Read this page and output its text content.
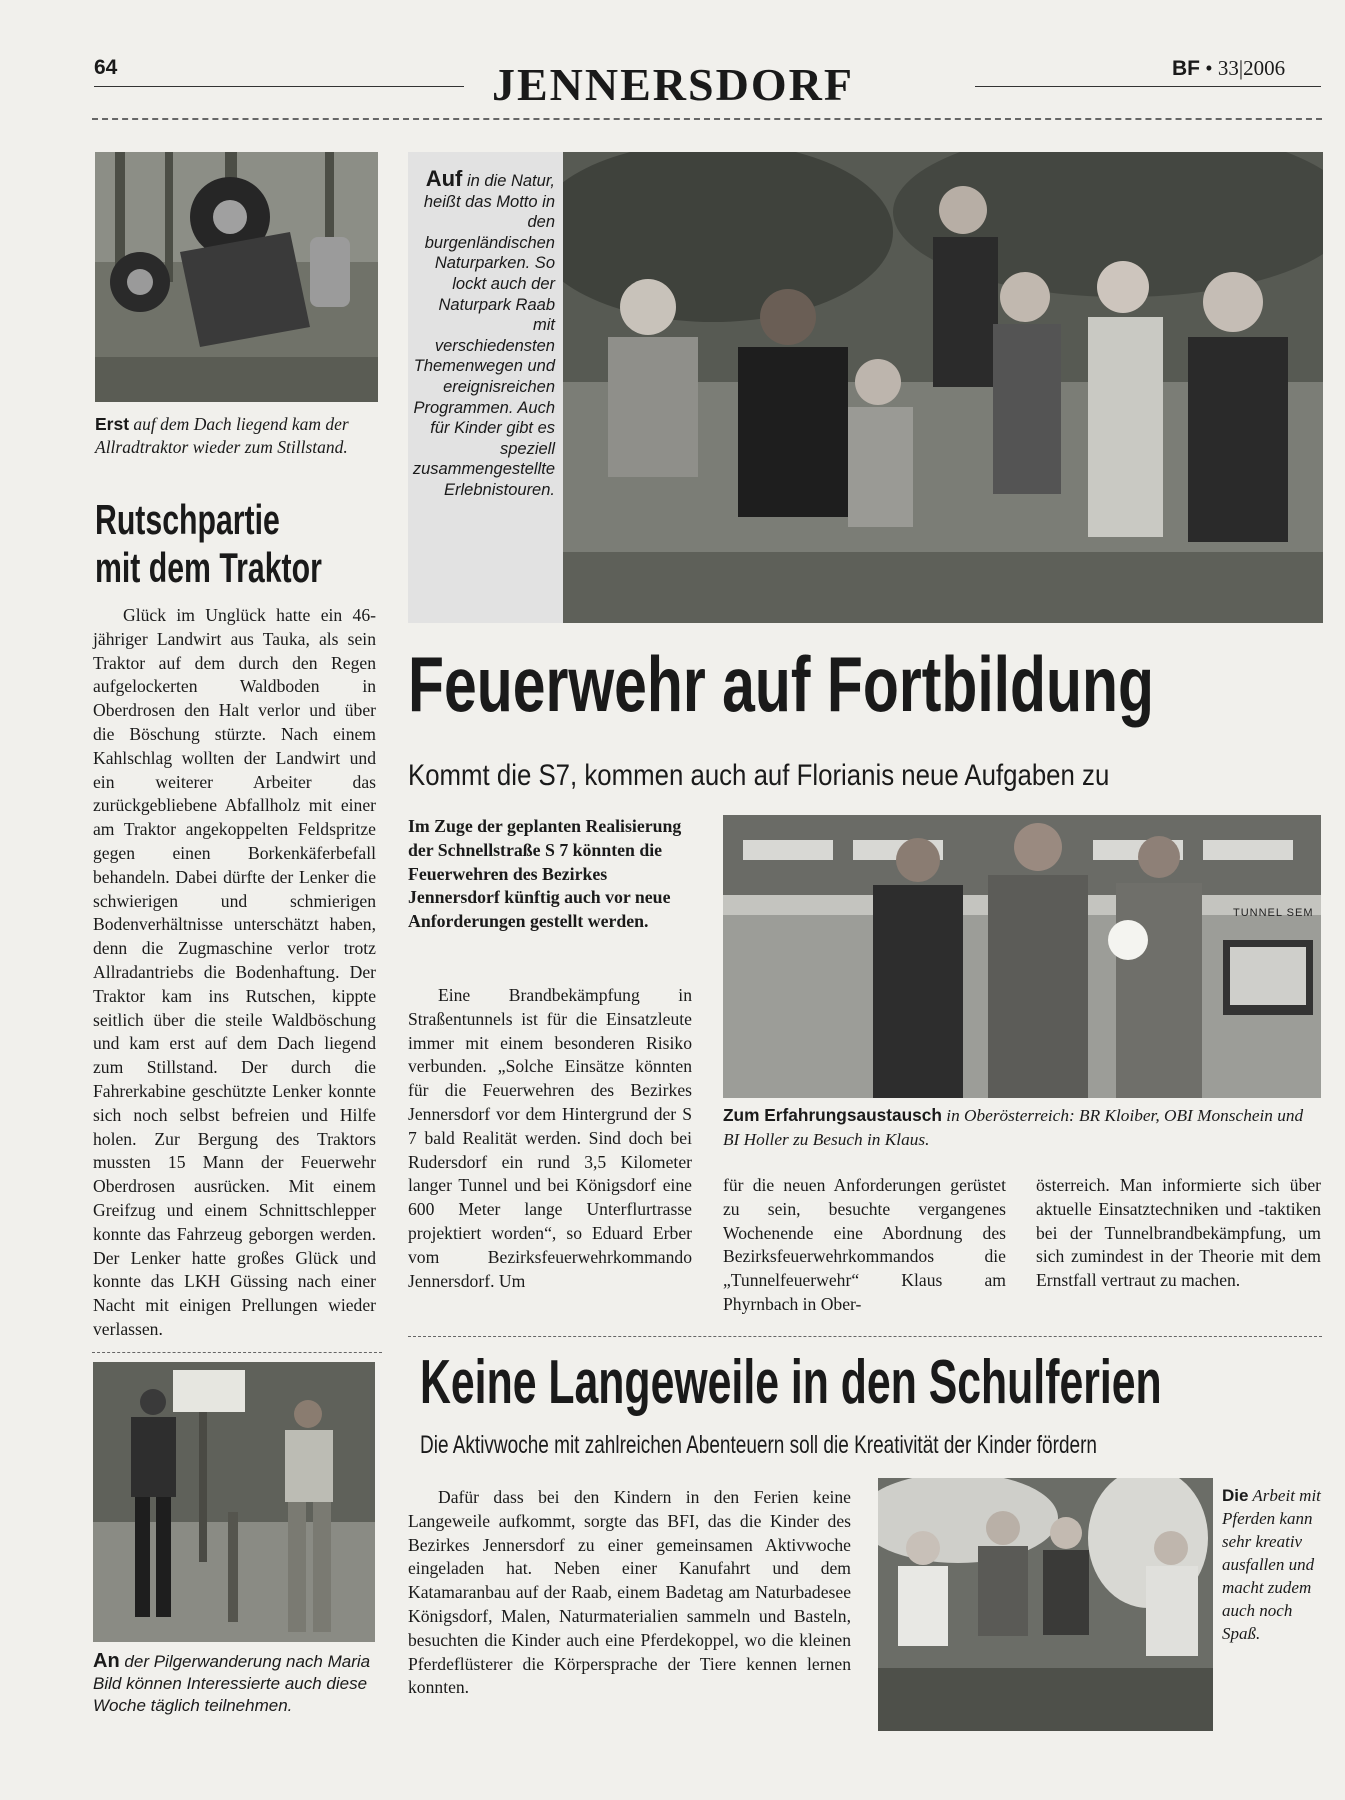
64	JENNERSDORF	BF • 33|2006
Erst auf dem Dach liegend kam der Allradtraktor wieder zum Stillstand.
Rutschpartie
mit dem Traktor
Glück im Unglück hatte ein 46-jähriger Landwirt aus Tauka, als sein Traktor auf dem durch den Regen aufgelockerten Waldboden in Oberdrosen den Halt verlor und über die Böschung stürzte. Nach einem Kahlschlag wollten der Landwirt und ein weiterer Arbeiter das zurückgebliebene Abfallholz mit einer am Traktor angekoppelten Feldspritze gegen einen Borkenkäferbefall behandeln. Dabei dürfte der Lenker die schwierigen und schmierigen Bodenverhältnisse unterschätzt haben, denn die Zugmaschine verlor trotz Allradantriebs die Bodenhaftung. Der Traktor kam ins Rutschen, kippte seitlich über die steile Waldböschung und kam erst auf dem Dach liegend zum Stillstand. Der durch die Fahrerkabine geschützte Lenker konnte sich noch selbst befreien und Hilfe holen. Zur Bergung des Traktors mussten 15 Mann der Feuerwehr Oberdrosen ausrücken. Mit einem Greifzug und einem Schnittschlepper konnte das Fahrzeug geborgen werden. Der Lenker hatte großes Glück und konnte das LKH Güssing nach einer Nacht mit einigen Prellungen wieder verlassen.
An der Pilgerwanderung nach Maria Bild können Interessierte auch diese Woche täglich teilnehmen.
Auf in die Natur, heißt das Motto in den burgenländischen Naturparken. So lockt auch der Naturpark Raab mit verschiedensten Themenwegen und ereignisreichen Programmen. Auch für Kinder gibt es speziell zusammengestellte Erlebnistouren.
Feuerwehr auf Fortbildung
Kommt die S7, kommen auch auf Florianis neue Aufgaben zu
Im Zuge der geplanten Realisierung der Schnellstraße S 7 könnten die Feuerwehren des Bezirkes Jennersdorf künftig auch vor neue Anforderungen gestellt werden.
Eine Brandbekämpfung in Straßentunnels ist für die Einsatzleute immer mit einem besonderen Risiko verbunden. „Solche Einsätze könnten für die Feuerwehren des Bezirkes Jennersdorf vor dem Hintergrund der S 7 bald Realität werden. Sind doch bei Rudersdorf ein rund 3,5 Kilometer langer Tunnel und bei Königsdorf eine 600 Meter lange Unterflurtrasse projektiert worden“, so Eduard Erber vom Bezirksfeuerwehrkommando Jennersdorf. Um
TUNNEL SEM
Zum Erfahrungsaustausch in Oberösterreich: BR Kloiber, OBI Monschein und BI Holler zu Besuch in Klaus.
für die neuen Anforderungen gerüstet zu sein, besuchte vergangenes Wochenende eine Abordnung des Bezirksfeuerwehrkommandos die „Tunnelfeuerwehr“ Klaus am Phyrnbach in Ober-
österreich. Man informierte sich über aktuelle Einsatztechniken und -taktiken bei der Tunnelbrandbekämpfung, um sich zumindest in der Theorie mit dem Ernstfall vertraut zu machen.
Keine Langeweile in den Schulferien
Die Aktivwoche mit zahlreichen Abenteuern soll die Kreativität der Kinder fördern
Dafür dass bei den Kindern in den Ferien keine Langeweile aufkommt, sorgte das BFI, das die Kinder des Bezirkes Jennersdorf zu einer gemeinsamen Aktivwoche eingeladen hat. Neben einer Kanufahrt und dem Katamaranbau auf der Raab, einem Badetag am Naturbadesee Königsdorf, Malen, Naturmaterialien sammeln und Basteln, besuchten die Kinder auch eine Pferdekoppel, wo die kleinen Pferdeflüsterer die Körpersprache der Tiere kennen lernen konnten.
Die Arbeit mit Pferden kann sehr kreativ ausfallen und macht zudem auch noch Spaß.
